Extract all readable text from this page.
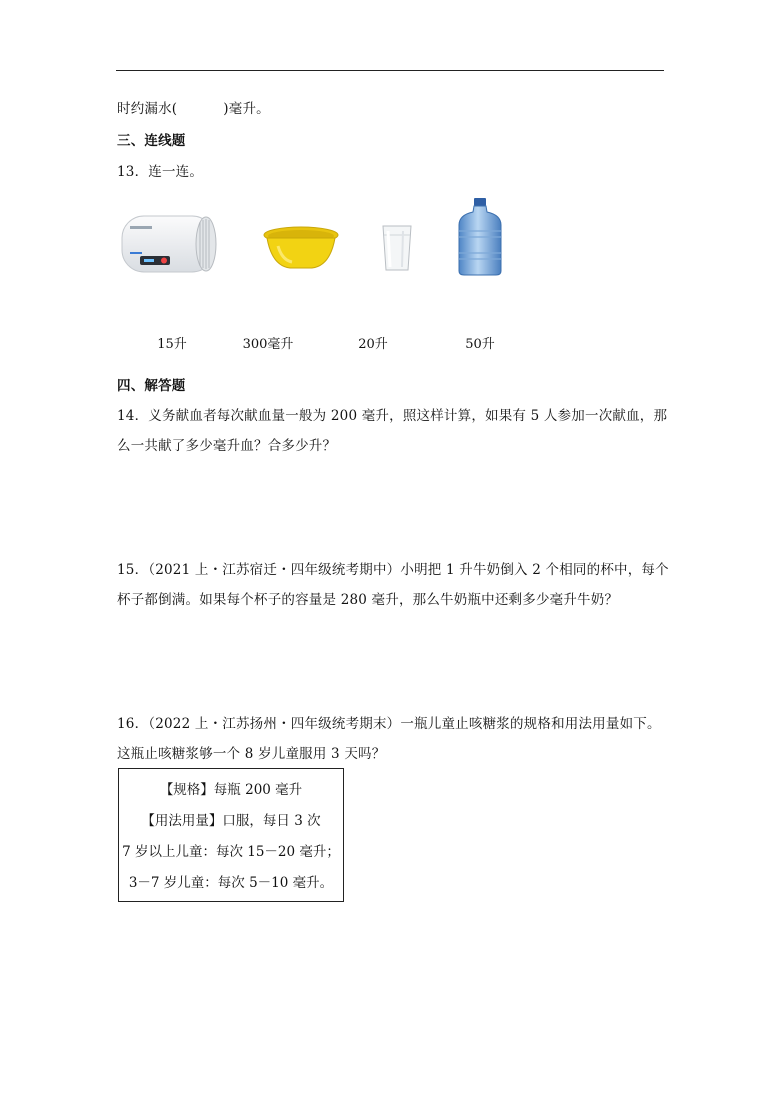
时约漏水(	)毫升。
三、连线题
13．连一连。
15升	300毫升	20升	50升
四、解答题
14．义务献血者每次献血量一般为 200 毫升，照这样计算，如果有 5 人参加一次献血，那
么一共献了多少毫升血？合多少升？
15．（2021 上・江苏宿迁・四年级统考期中）小明把 1 升牛奶倒入 2 个相同的杯中，每个
杯子都倒满。如果每个杯子的容量是 280 毫升，那么牛奶瓶中还剩多少毫升牛奶？
16．（2022 上・江苏扬州・四年级统考期末）一瓶儿童止咳糖浆的规格和用法用量如下。
这瓶止咳糖浆够一个 8 岁儿童服用 3 天吗？
【规格】每瓶 200 毫升
【用法用量】口服，每日 3 次
7 岁以上儿童：每次 15－20 毫升；
3－7 岁儿童：每次 5－10 毫升。
